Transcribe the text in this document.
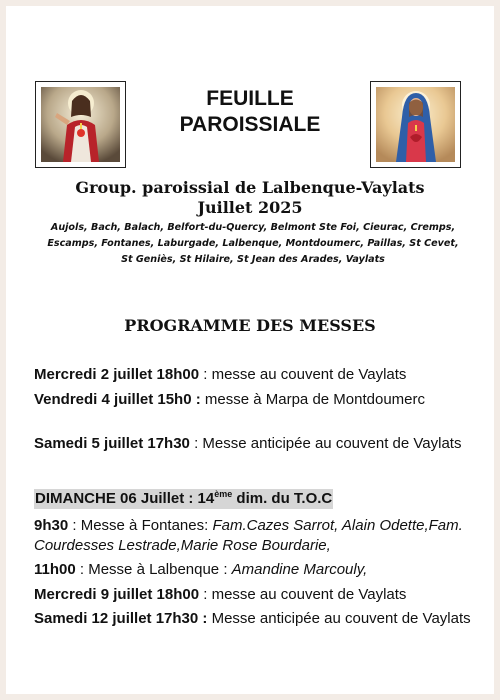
FEUILLE
PAROISSIALE
Group. paroissial de Lalbenque-Vaylats
Juillet 2025
Aujols, Bach, Balach, Belfort-du-Quercy, Belmont Ste Foi, Cieurac, Cremps, Escamps, Fontanes, Laburgade, Lalbenque, Montdoumerc, Paillas, St Cevet, St Geniès, St Hilaire, St Jean des Arades, Vaylats
PROGRAMME DES MESSES
Mercredi 2 juillet 18h00 : messe au couvent de Vaylats
Vendredi 4 juillet 15h0 : messe à Marpa de Montdoumerc
Samedi 5 juillet 17h30 : Messe anticipée au couvent de Vaylats
DIMANCHE 06 Juillet : 14ème dim. du T.O.C
9h30 : Messe à Fontanes: Fam.Cazes Sarrot, Alain Odette,Fam. Courdesses Lestrade,Marie Rose Bourdarie,
11h00 : Messe à Lalbenque : Amandine Marcouly,
Mercredi 9 juillet 18h00 : messe au couvent de Vaylats
Samedi 12 juillet 17h30 : Messe anticipée au couvent de Vaylats
